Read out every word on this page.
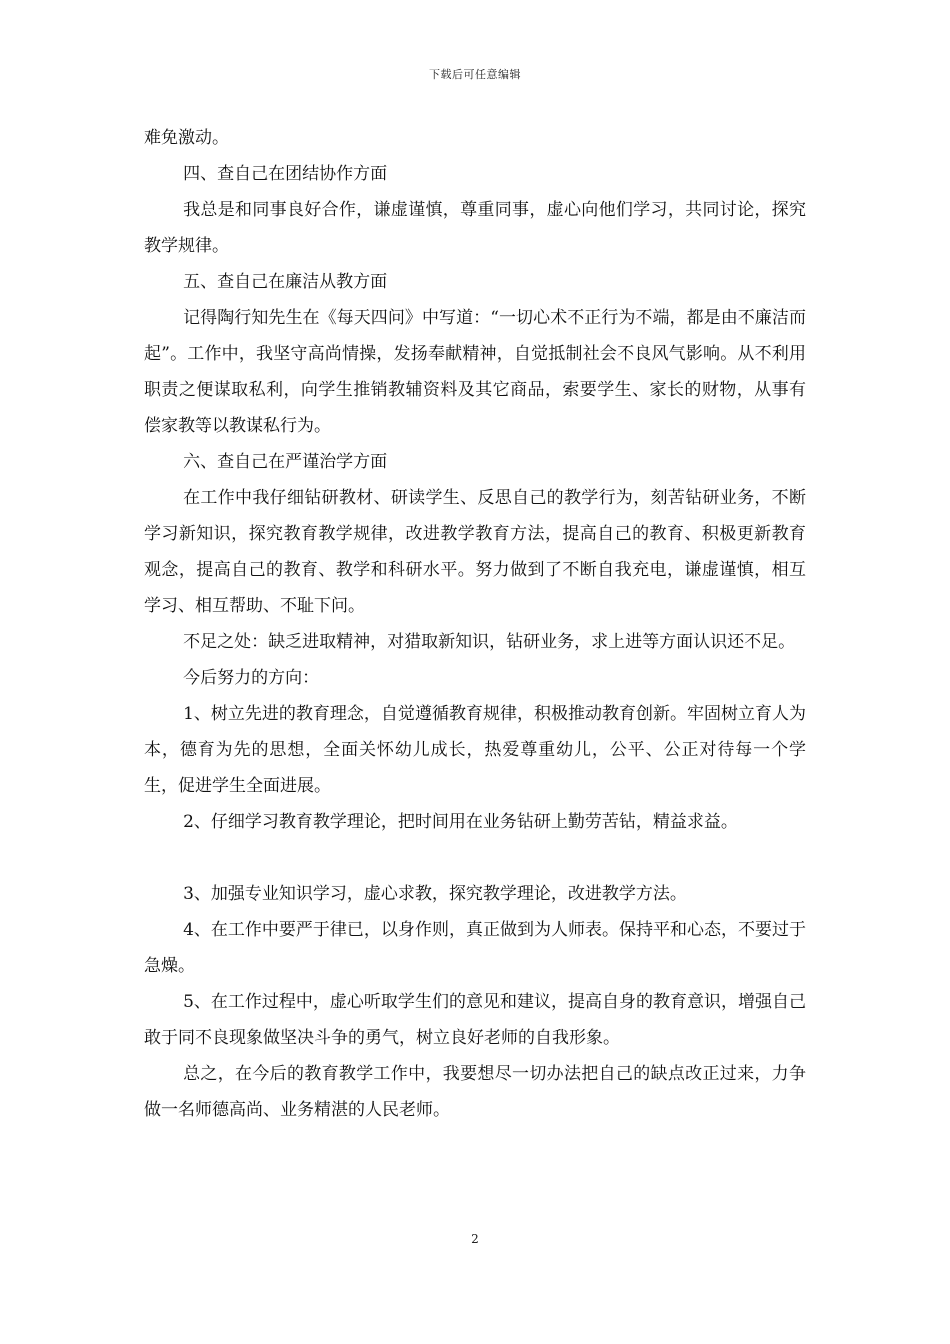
下载后可任意编辑

难免激动。

四、查自己在团结协作方面

我总是和同事良好合作，谦虚谨慎，尊重同事，虚心向他们学习，共同讨论，探究教学规律。

五、查自己在廉洁从教方面

记得陶行知先生在《每天四问》中写道：“一切心术不正行为不端，都是由不廉洁而起”。工作中，我坚守高尚情操，发扬奉献精神，自觉抵制社会不良风气影响。从不利用职责之便谋取私利，向学生推销教辅资料及其它商品，索要学生、家长的财物，从事有偿家教等以教谋私行为。

六、查自己在严谨治学方面

在工作中我仔细钻研教材、研读学生、反思自己的教学行为，刻苦钻研业务，不断学习新知识，探究教育教学规律，改进教学教育方法，提高自己的教育、积极更新教育观念，提高自己的教育、教学和科研水平。努力做到了不断自我充电，谦虚谨慎，相互学习、相互帮助、不耻下问。

不足之处：缺乏进取精神，对猎取新知识，钻研业务，求上进等方面认识还不足。

今后努力的方向：

1、树立先进的教育理念，自觉遵循教育规律，积极推动教育创新。牢固树立育人为本，德育为先的思想，全面关怀幼儿成长，热爱尊重幼儿，公平、公正对待每一个学生，促进学生全面进展。

2、仔细学习教育教学理论，把时间用在业务钻研上勤劳苦钻，精益求益。

3、加强专业知识学习，虚心求教，探究教学理论，改进教学方法。

4、在工作中要严于律已，以身作则，真正做到为人师表。保持平和心态，不要过于急燥。

5、在工作过程中，虚心听取学生们的意见和建议，提高自身的教育意识，增强自己敢于同不良现象做坚决斗争的勇气，树立良好老师的自我形象。

总之，在今后的教育教学工作中，我要想尽一切办法把自己的缺点改正过来，力争做一名师德高尚、业务精湛的人民老师。

2
